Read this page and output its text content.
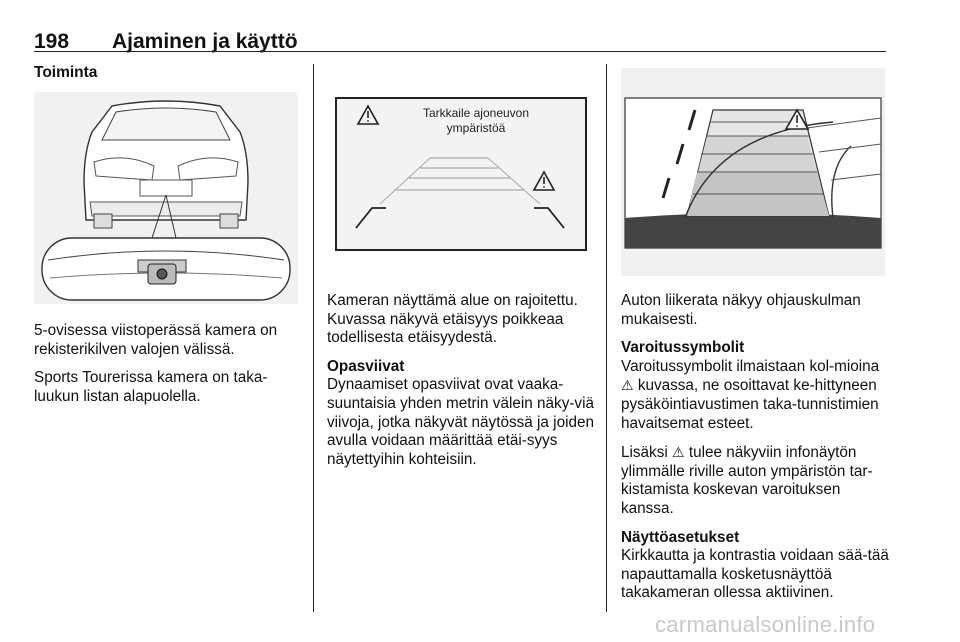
198 Ajaminen ja käyttö
Toiminta
Tarkkaile ajoneuvon
ympäristöä

5-ovisessa viistoperässä kamera on rekisterikilven valojen välissä.

Sports Tourerissa kamera on taka-luukun listan alapuolella.

Kameran näyttämä alue on rajoitettu. Kuvassa näkyvä etäisyys poikkeaa todellisesta etäisyydestä.

Opasviivat
Dynaamiset opasviivat ovat vaaka-suuntaisia yhden metrin välein näky-viä viivoja, jotka näkyvät näytössä ja joiden avulla voidaan määrittää etäi-syys näytettyihin kohteisiin.

Auton liikerata näkyy ohjauskulman mukaisesti.

Varoitussymbolit
Varoitussymbolit ilmaistaan kol-mioina ⚠ kuvassa, ne osoittavat ke-hittyneen pysäköintiavustimen taka-tunnistimien havaitsemat esteet.

Lisäksi ⚠ tulee näkyviin infonäytön ylimmälle riville auton ympäristön tar-kistamista koskevan varoituksen kanssa.

Näyttöasetukset
Kirkkautta ja kontrastia voidaan sää-tää napauttamalla kosketusnäyttöä takakameran ollessa aktiivinen.

carmanualsonline.info
